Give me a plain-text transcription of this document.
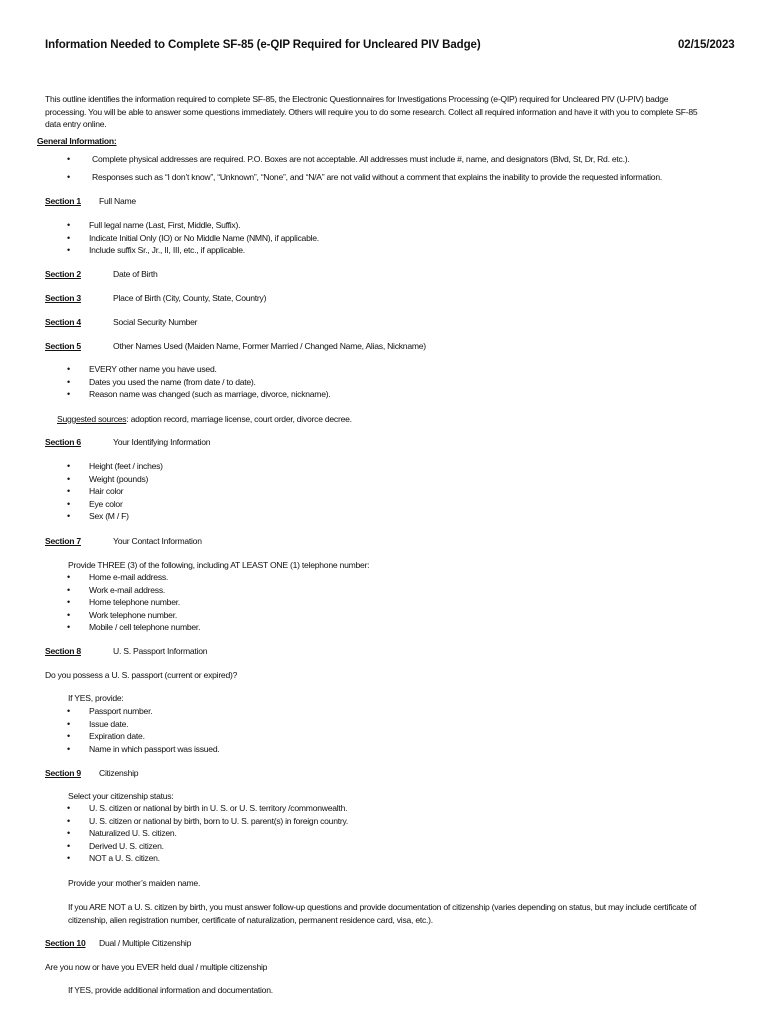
Information Needed to Complete SF-85 (e-QIP Required for Uncleared PIV Badge)	02/15/2023
This outline identifies the information required to complete SF-85, the Electronic Questionnaires for Investigations Processing (e-QIP) required for Uncleared PIV (U-PIV) badge processing. You will be able to answer some questions immediately. Others will require you to do some research. Collect all required information and have it with you to complete SF-85 data entry online.
General Information:
• Complete physical addresses are required. P.O. Boxes are not acceptable. All addresses must include #, name, and designators (Blvd, St, Dr, Rd. etc.).
• Responses such as “I don’t know”, “Unknown”, “None”, and “N/A” are not valid without a comment that explains the inability to provide the requested information.
Section 1 Full Name
• Full legal name (Last, First, Middle, Suffix).
• Indicate Initial Only (IO) or No Middle Name (NMN), if applicable.
• Include suffix Sr., Jr., II, III, etc., if applicable.
Section 2	Date of Birth
Section 3	Place of Birth (City, County, State, Country)
Section 4	Social Security Number
Section 5	Other Names Used (Maiden Name, Former Married / Changed Name, Alias, Nickname)
• EVERY other name you have used.
• Dates you used the name (from date / to date).
• Reason name was changed (such as marriage, divorce, nickname).
Suggested sources: adoption record, marriage license, court order, divorce decree.
Section 6	Your Identifying Information
• Height (feet / inches)
• Weight (pounds)
• Hair color
• Eye color
• Sex (M / F)
Section 7	Your Contact Information
Provide THREE (3) of the following, including AT LEAST ONE (1) telephone number:
• Home e-mail address.
• Work e-mail address.
• Home telephone number.
• Work telephone number.
• Mobile / cell telephone number.
Section 8	U. S. Passport Information
Do you possess a U. S. passport (current or expired)?
If YES, provide:
• Passport number.
• Issue date.
• Expiration date.
• Name in which passport was issued.
Section 9 Citizenship
Select your citizenship status:
• U. S. citizen or national by birth in U. S. or U. S. territory /commonwealth.
• U. S. citizen or national by birth, born to U. S. parent(s) in foreign country.
• Naturalized U. S. citizen.
• Derived U. S. citizen.
• NOT a U. S. citizen.
Provide your mother’s maiden name.
If you ARE NOT a U. S. citizen by birth, you must answer follow-up questions and provide documentation of citizenship (varies depending on status, but may include certificate of citizenship, alien registration number, certificate of naturalization, permanent residence card, visa, etc.).
Section 10 Dual / Multiple Citizenship
Are you now or have you EVER held dual / multiple citizenship
If YES, provide additional information and documentation.
